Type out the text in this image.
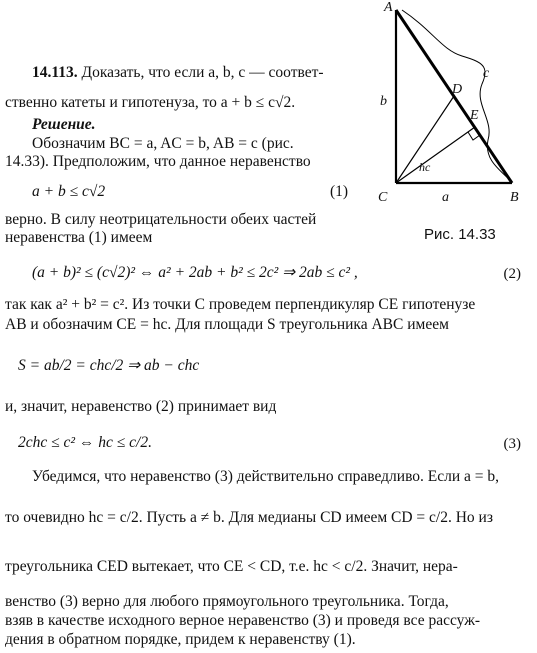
A
b
D
E
c
hc
C	a	B
Рис. 14.33
14.113. Доказать, что если a, b, c — соответ-
ственно катеты и гипотенуза, то a + b ≤ c√2.
Решение.
Обозначим BC = a, AC = b, AB = c (рис.
14.33). Предположим, что данное неравенство
a + b ≤ c√2	(1)
верно. В силу неотрицательности обеих частей
неравенства (1) имеем
(a + b)² ≤ (c√2)² ⇔ a² + 2ab + b² ≤ 2c² ⇒ 2ab ≤ c² ,	(2)
так как a² + b² = c². Из точки C проведем перпендикуляр CE гипотенузе
AB и обозначим CE = hc. Для площади S треугольника ABC имеем
S = ab/2 = chc/2 ⇒ ab − chc
и, значит, неравенство (2) принимает вид
2chc ≤ c² ⇔ hc ≤ c/2.	(3)
Убедимся, что неравенство (3) действительно справедливо. Если a = b,
то очевидно hc = c/2. Пусть a ≠ b. Для медианы CD имеем CD = c/2. Но из
треугольника CED вытекает, что CE < CD, т.е. hc < c/2. Значит, нера-
венство (3) верно для любого прямоугольного треугольника. Тогда,
взяв в качестве исходного верное неравенство (3) и проведя все рассуж-
дения в обратном порядке, придем к неравенству (1).
